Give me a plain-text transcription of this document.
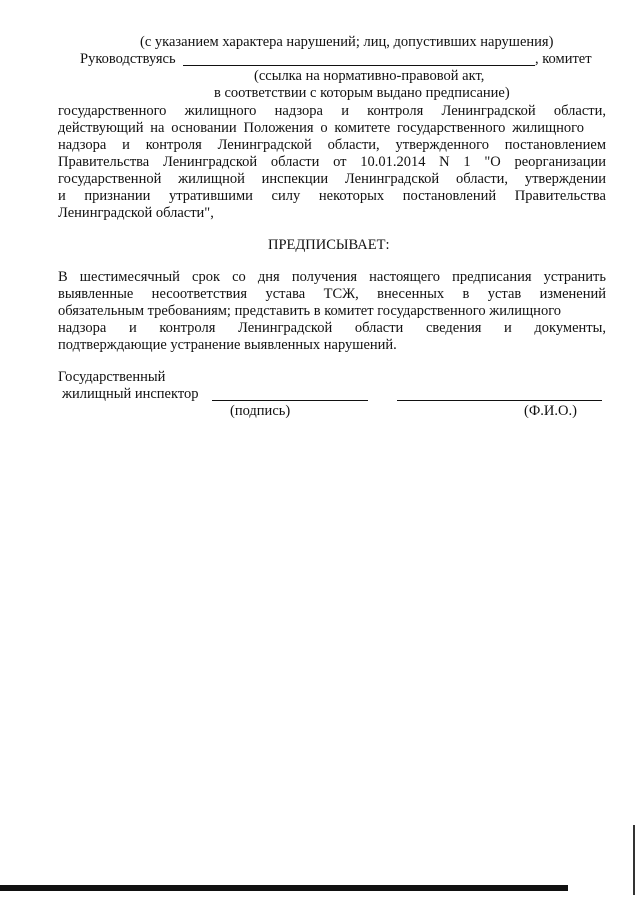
(с указанием характера нарушений; лиц, допустивших нарушения)
Руководствуясь	, комитет
(ссылка на нормативно-правовой акт,
в соответствии с которым выдано предписание)
государственного жилищного надзора и контроля Ленинградской области,
действующий на основании Положения о комитете государственного жилищного
надзора и контроля Ленинградской области, утвержденного постановлением
Правительства Ленинградской области от 10.01.2014 N 1 "О реорганизации
государственной жилищной инспекции Ленинградской области, утверждении
и признании утратившими силу некоторых постановлений Правительства
Ленинградской области",
ПРЕДПИСЫВАЕТ:
В шестимесячный срок со дня получения настоящего предписания устранить
выявленные несоответствия устава ТСЖ, внесенных в устав изменений
обязательным требованиям; представить в комитет государственного жилищного
надзора и контроля Ленинградской области сведения и документы,
подтверждающие устранение выявленных нарушений.
Государственный
жилищный инспектор
(подпись)	(Ф.И.О.)
